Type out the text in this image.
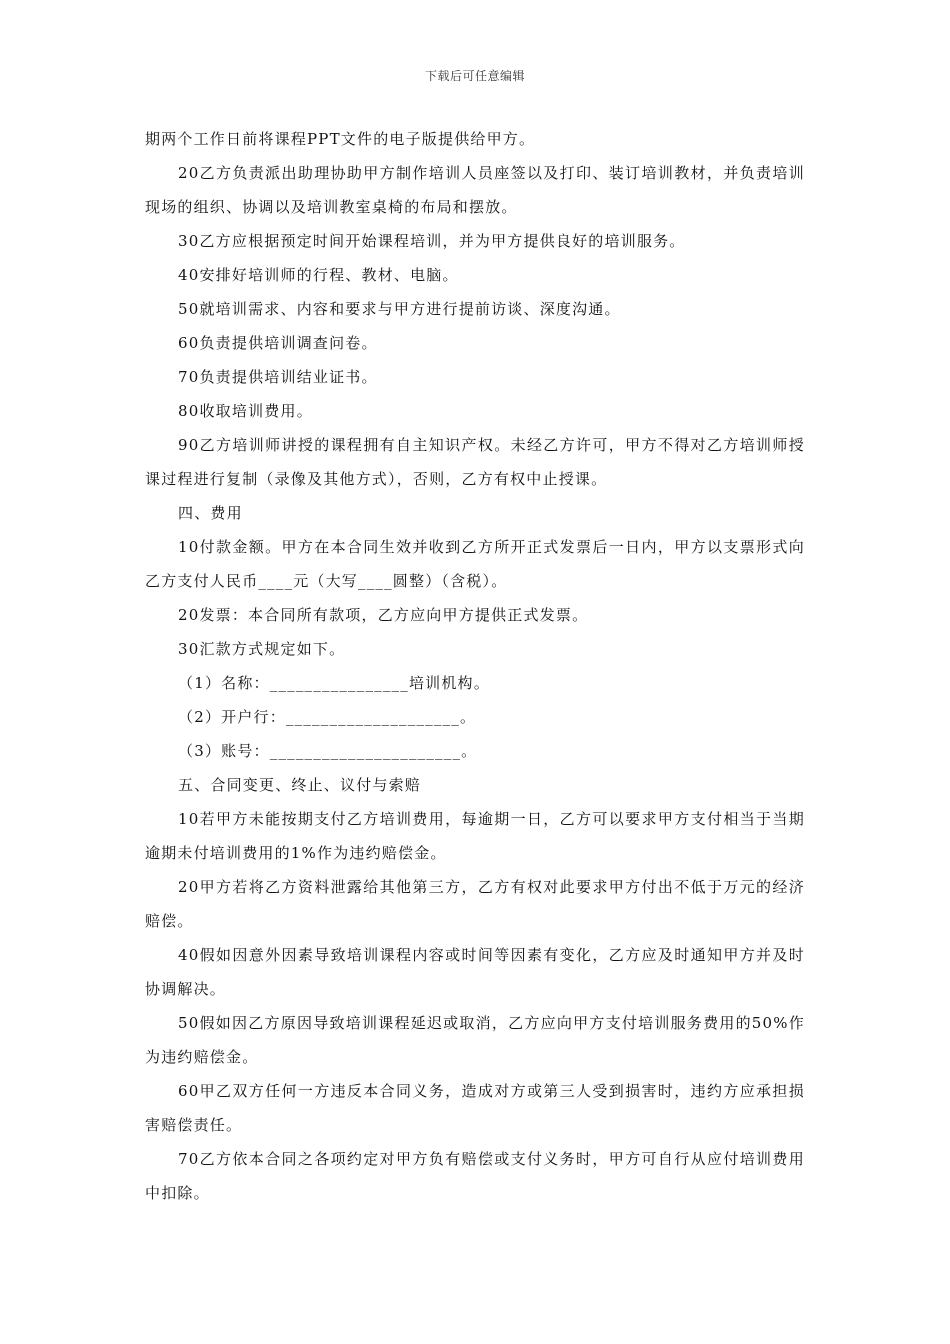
下载后可任意编辑

期两个工作日前将课程PPT文件的电子版提供给甲方。

20乙方负责派出助理协助甲方制作培训人员座签以及打印、装订培训教材，并负责培训现场的组织、协调以及培训教室桌椅的布局和摆放。

30乙方应根据预定时间开始课程培训，并为甲方提供良好的培训服务。

40安排好培训师的行程、教材、电脑。

50就培训需求、内容和要求与甲方进行提前访谈、深度沟通。

60负责提供培训调查问卷。

70负责提供培训结业证书。

80收取培训费用。

90乙方培训师讲授的课程拥有自主知识产权。未经乙方许可，甲方不得对乙方培训师授课过程进行复制（录像及其他方式），否则，乙方有权中止授课。

四、费用

10付款金额。甲方在本合同生效并收到乙方所开正式发票后一日内，甲方以支票形式向乙方支付人民币____元（大写____圆整）（含税）。

20发票：本合同所有款项，乙方应向甲方提供正式发票。

30汇款方式规定如下。

（1）名称：________________培训机构。

（2）开户行：____________________。

（3）账号：______________________。

五、合同变更、终止、议付与索赔

10若甲方未能按期支付乙方培训费用，每逾期一日，乙方可以要求甲方支付相当于当期逾期未付培训费用的1%作为违约赔偿金。

20甲方若将乙方资料泄露给其他第三方，乙方有权对此要求甲方付出不低于万元的经济赔偿。

40假如因意外因素导致培训课程内容或时间等因素有变化，乙方应及时通知甲方并及时协调解决。

50假如因乙方原因导致培训课程延迟或取消，乙方应向甲方支付培训服务费用的50%作为违约赔偿金。

60甲乙双方任何一方违反本合同义务，造成对方或第三人受到损害时，违约方应承担损害赔偿责任。

70乙方依本合同之各项约定对甲方负有赔偿或支付义务时，甲方可自行从应付培训费用中扣除。
